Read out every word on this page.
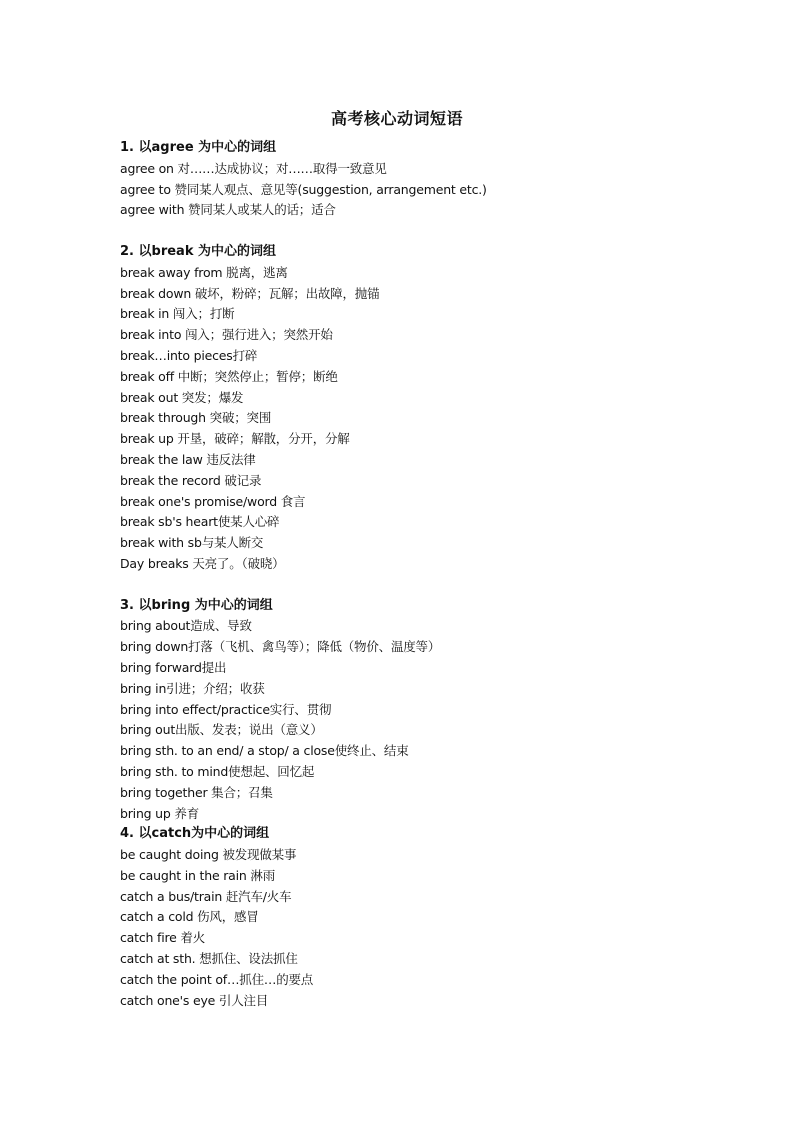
高考核心动词短语
1. 以agree 为中心的词组
agree on 对……达成协议；对……取得一致意见
agree to 赞同某人观点、意见等(suggestion, arrangement etc.)
agree with 赞同某人或某人的话；适合
2. 以break 为中心的词组
break away from 脱离，逃离
break down 破坏，粉碎；瓦解；出故障，抛锚
break in 闯入；打断
break into 闯入；强行进入；突然开始
break…into pieces打碎
break off 中断；突然停止；暂停；断绝
break out 突发；爆发
break through 突破；突围
break up 开垦，破碎；解散，分开，分解
break the law 违反法律
break the record 破记录
break one's promise/word 食言
break sb's heart使某人心碎
break with sb与某人断交
Day breaks 天亮了。（破晓）
3. 以bring 为中心的词组
bring about造成、导致
bring down打落（飞机、禽鸟等）；降低（物价、温度等）
bring forward提出
bring in引进；介绍；收获
bring into effect/practice实行、贯彻
bring out出版、发表；说出（意义）
bring sth. to an end/ a stop/ a close使终止、结束
bring sth. to mind使想起、回忆起
bring together 集合；召集
bring up 养育
4. 以catch为中心的词组
be caught doing 被发现做某事
be caught in the rain 淋雨
catch a bus/train 赶汽车/火车
catch a cold 伤风，感冒
catch fire 着火
catch at sth. 想抓住、设法抓住
catch the point of…抓住…的要点
catch one's eye 引人注目
